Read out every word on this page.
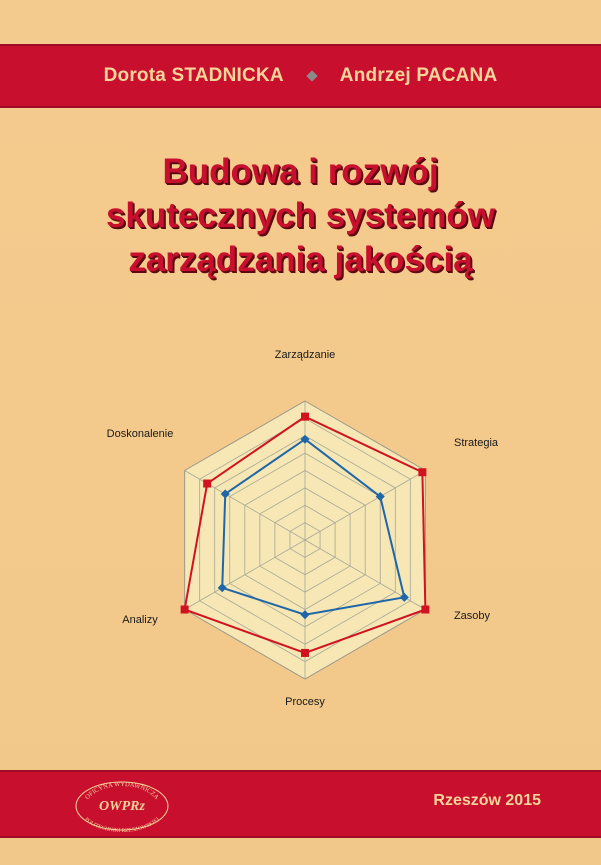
Dorota STADNICKA	Andrzej PACANA
Budowa i rozwój
skutecznych systemów
zarządzania jakością
Zarządzanie
Strategia
Zasoby
Procesy
Analizy
Doskonalenie
OFICYNA WYDAWNICZA
POLITECHNIKI RZESZOWSKIEJ
OWPRz	Rzeszów 2015
